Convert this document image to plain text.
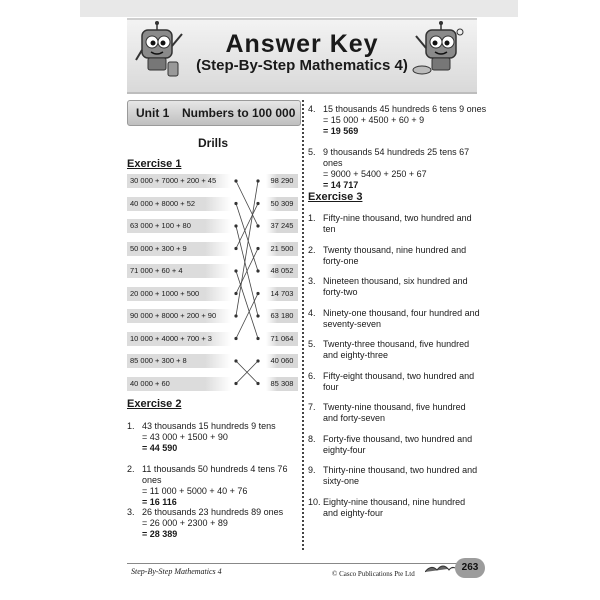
Answer Key
(Step-By-Step Mathematics 4)
Unit 1 Numbers to 100 000
Drills
Exercise 1
30 000 + 7000 + 200 + 45
40 000 + 8000 + 52
63 000 + 100 + 80
50 000 + 300 + 9
71 000 + 60 + 4
20 000 + 1000 + 500
90 000 + 8000 + 200 + 90
10 000 + 4000 + 700 + 3
85 000 + 300 + 8
40 000 + 60
98 290
50 309
37 245
21 500
48 052
14 703
63 180
71 064
40 060
85 308
Exercise 2
1. 43 thousands 15 hundreds 9 tens
= 43 000 + 1500 + 90
= 44 590
2. 11 thousands 50 hundreds 4 tens 76 ones
= 11 000 + 5000 + 40 + 76
= 16 116
3. 26 thousands 23 hundreds 89 ones
= 26 000 + 2300 + 89
= 28 389
4. 15 thousands 45 hundreds 6 tens 9 ones
= 15 000 + 4500 + 60 + 9
= 19 569
5. 9 thousands 54 hundreds 25 tens 67 ones
= 9000 + 5400 + 250 + 67
= 14 717
Exercise 3
1. Fifty-nine thousand, two hundred and
ten
2. Twenty thousand, nine hundred and
forty-one
3. Nineteen thousand, six hundred and
forty-two
4. Ninety-one thousand, four hundred and
seventy-seven
5. Twenty-three thousand, five hundred
and eighty-three
6. Fifty-eight thousand, two hundred and
four
7. Twenty-nine thousand, five hundred
and forty-seven
8. Forty-five thousand, two hundred and
eighty-four
9. Thirty-nine thousand, two hundred and
sixty-one
10. Eighty-nine thousand, nine hundred
and eighty-four
Step-By-Step Mathematics 4	© Casco Publications Pte Ltd
263
